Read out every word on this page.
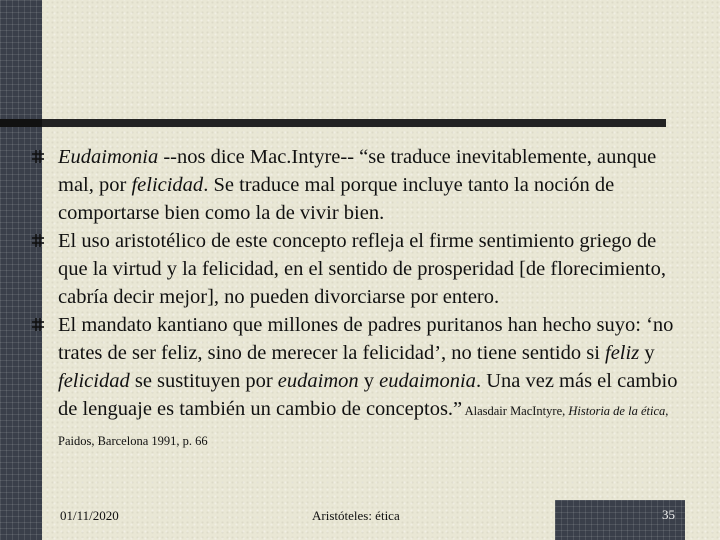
Eudaimonia --nos dice Mac.Intyre-- “se traduce inevitablemente, aunque mal, por felicidad. Se traduce mal porque incluye tanto la noción de comportarse bien como la de vivir bien.

El uso aristotélico de este concepto refleja el firme sentimiento griego de que la virtud y la felicidad, en el sentido de prosperidad [de florecimiento, cabría decir mejor], no pueden divorciarse por entero.

El mandato kantiano que millones de padres puritanos han hecho suyo: ‘no trates de ser feliz, sino de merecer la felicidad’, no tiene sentido si feliz y felicidad se sustituyen por eudaimon y eudaimonia. Una vez más el cambio de lenguaje es también un cambio de conceptos.” Alasdair MacIntyre, Historia de la ética, Paidos, Barcelona 1991, p. 66

01/11/2020	Aristóteles: ética	35
